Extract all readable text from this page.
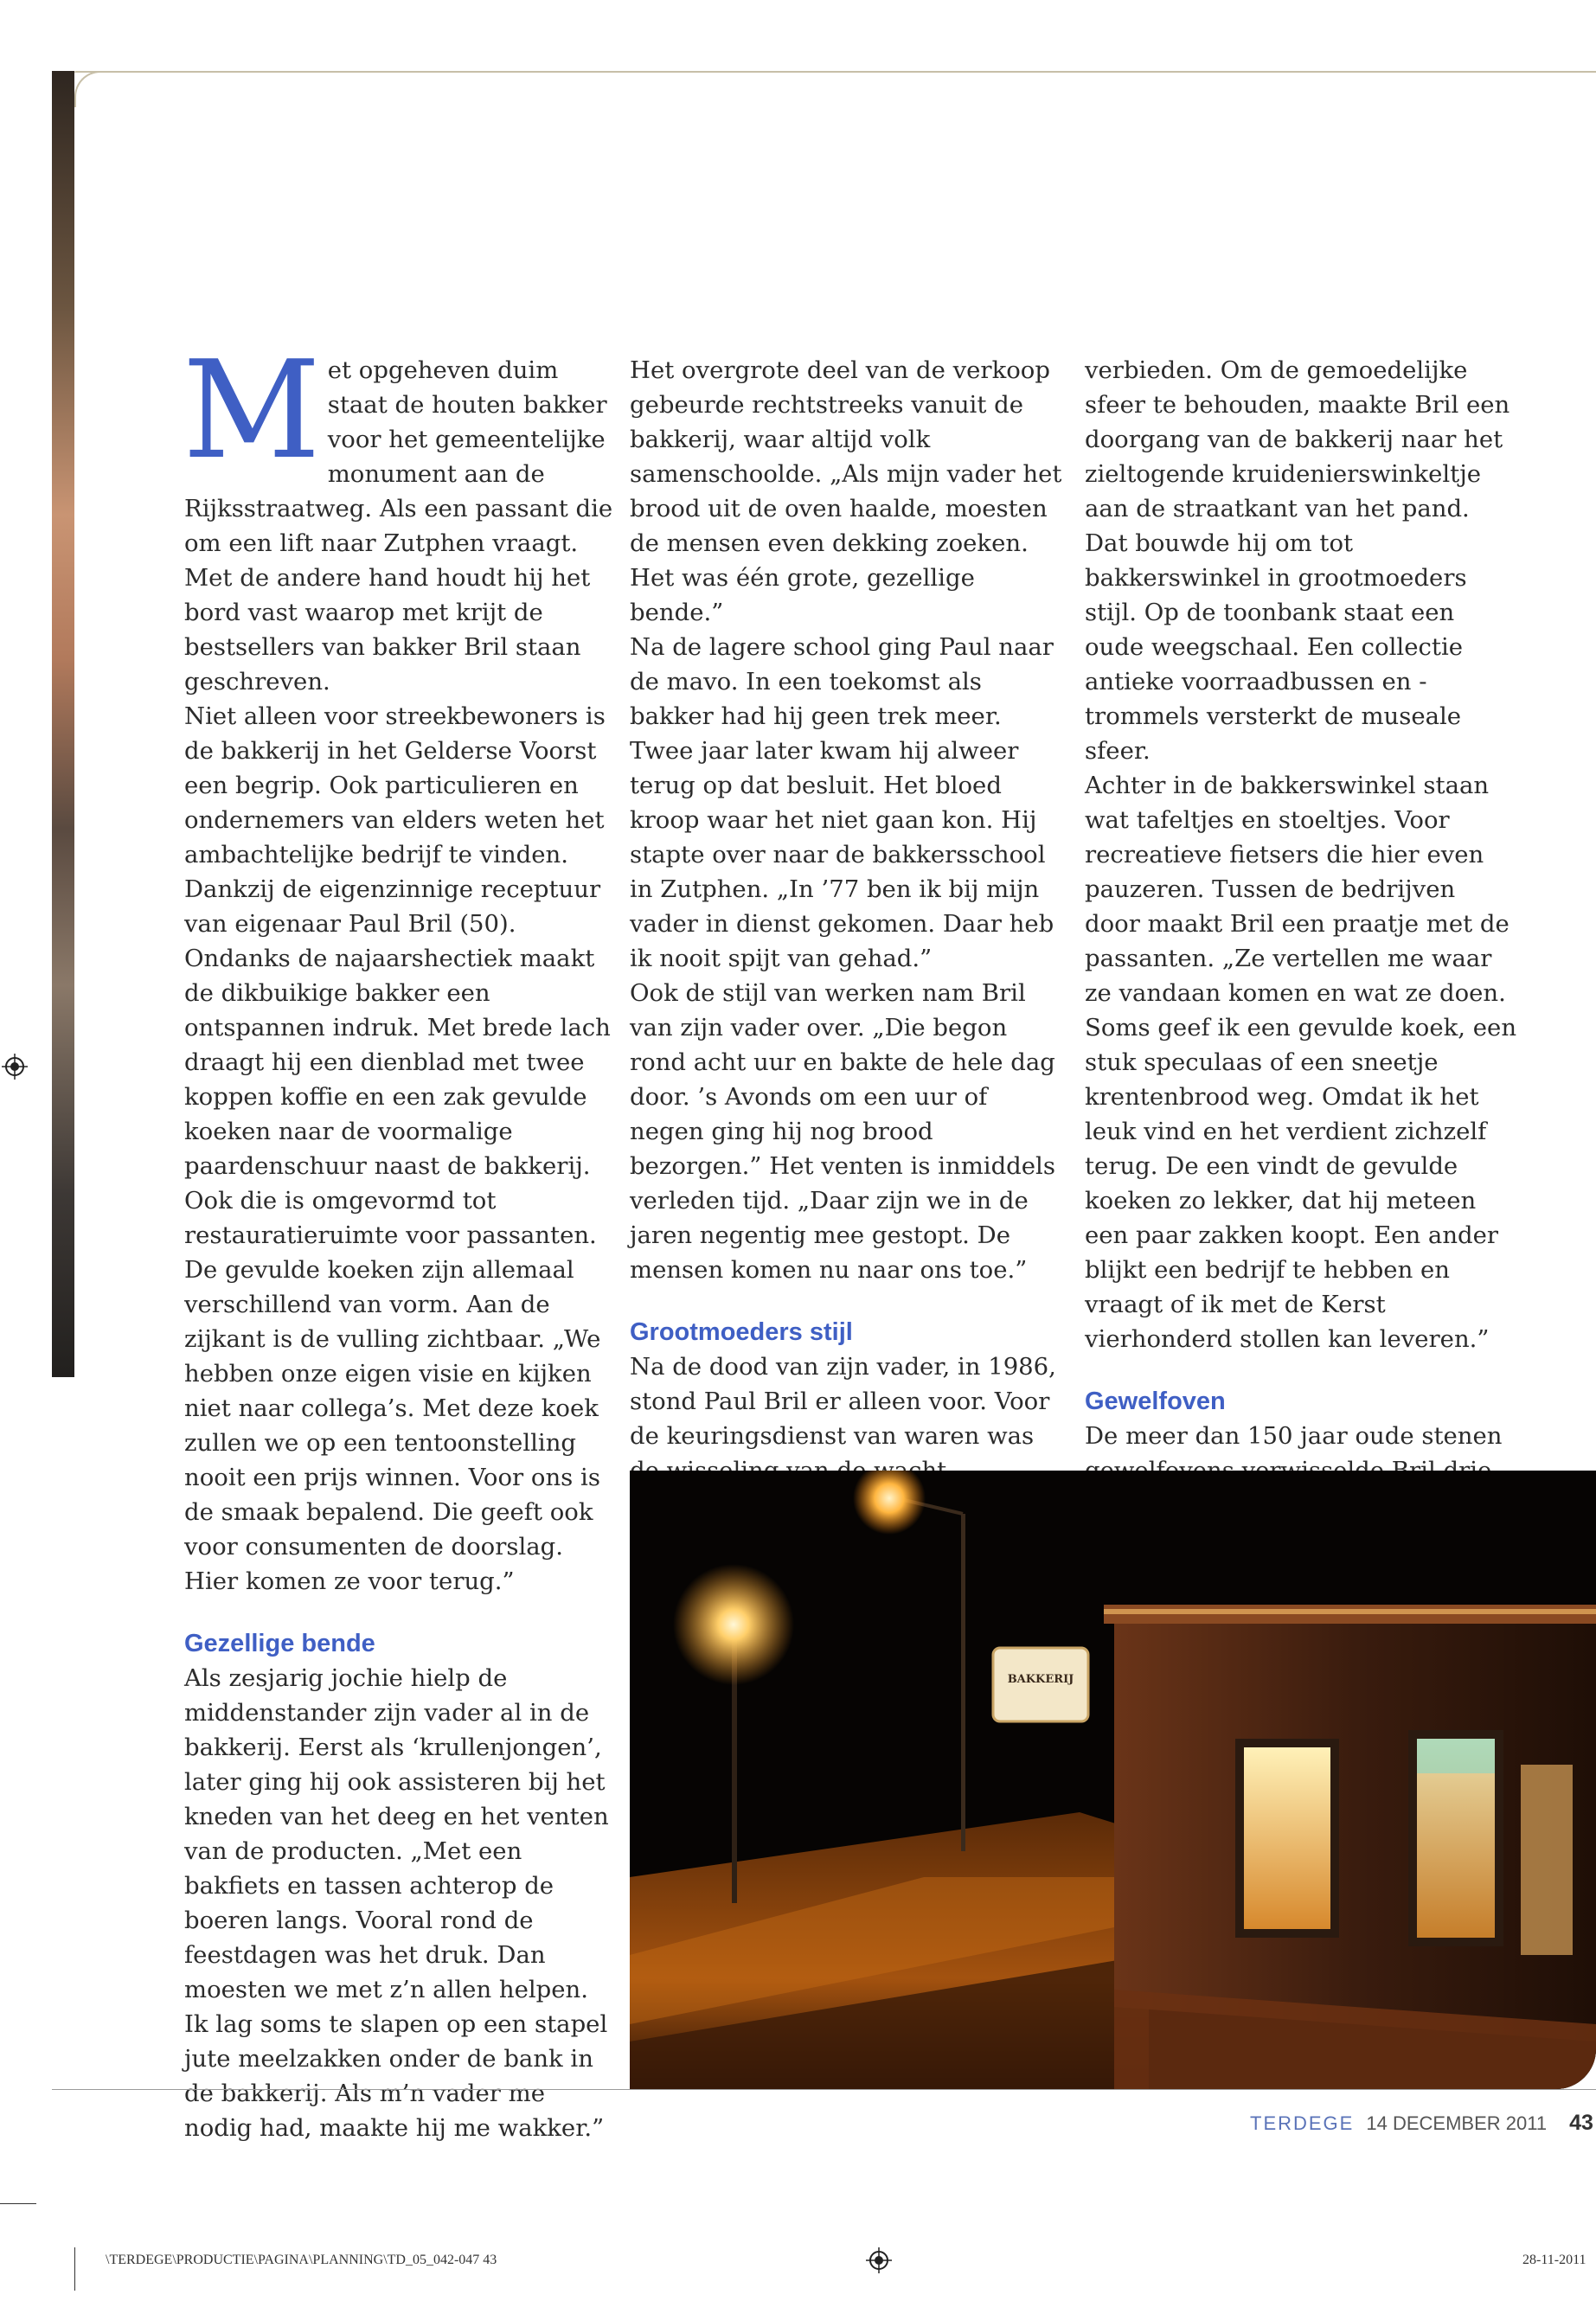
Met opgeheven duim staat de houten bakker voor het gemeentelijke monument aan de Rijksstraatweg. Als een passant die om een lift naar Zutphen vraagt. Met de andere hand houdt hij het bord vast waarop met krijt de bestsellers van bakker Bril staan geschreven.

Niet alleen voor streekbewoners is de bakkerij in het Gelderse Voorst een begrip. Ook particulieren en ondernemers van elders weten het ambachtelijke bedrijf te vinden. Dankzij de eigenzinnige receptuur van eigenaar Paul Bril (50).

Ondanks de najaarshectiek maakt de dikbuikige bakker een ontspannen indruk. Met brede lach draagt hij een dienblad met twee koppen koffie en een zak gevulde koeken naar de voormalige paardenschuur naast de bakkerij. Ook die is omgevormd tot restauratieruimte voor passanten.

De gevulde koeken zijn allemaal verschillend van vorm. Aan de zijkant is de vulling zichtbaar. „We hebben onze eigen visie en kijken niet naar collega’s. Met deze koek zullen we op een tentoonstelling nooit een prijs winnen. Voor ons is de smaak bepalend. Die geeft ook voor consumenten de doorslag. Hier komen ze voor terug.”

Gezellige bende

Als zesjarig jochie hielp de middenstander zijn vader al in de bakkerij. Eerst als ‘krullenjongen’, later ging hij ook assisteren bij het kneden van het deeg en het venten van de producten. „Met een bakfiets en tassen achterop de boeren langs. Vooral rond de feestdagen was het druk. Dan moesten we met z’n allen helpen. Ik lag soms te slapen op een stapel jute meelzakken onder de bank in de bakkerij. Als m’n vader me nodig had, maakte hij me wakker.”

Het overgrote deel van de verkoop gebeurde rechtstreeks vanuit de bakkerij, waar altijd volk samenschoolde. „Als mijn vader het brood uit de oven haalde, moesten de mensen even dekking zoeken. Het was één grote, gezellige bende.”

Na de lagere school ging Paul naar de mavo. In een toekomst als bakker had hij geen trek meer. Twee jaar later kwam hij alweer terug op dat besluit. Het bloed kroop waar het niet gaan kon. Hij stapte over naar de bakkersschool in Zutphen. „In ’77 ben ik bij mijn vader in dienst gekomen. Daar heb ik nooit spijt van gehad.”

Ook de stijl van werken nam Bril van zijn vader over. „Die begon rond acht uur en bakte de hele dag door. ’s Avonds om een uur of negen ging hij nog brood bezorgen.” Het venten is inmiddels verleden tijd. „Daar zijn we in de jaren negentig mee gestopt. De mensen komen nu naar ons toe.”

Grootmoeders stijl

Na de dood van zijn vader, in 1986, stond Paul Bril er alleen voor. Voor de keuringsdienst van waren was

verbieden. Om de gemoedelijke sfeer te behouden, maakte Bril een doorgang van de bakkerij naar het zieltogende kruidenierswinkeltje aan de straatkant van het pand. Dat bouwde hij om tot bakkerswinkel in grootmoeders stijl. Op de toonbank staat een oude weegschaal. Een collectie antieke voorraadbussen en -trommels versterkt de museale sfeer.

Achter in de bakkerswinkel staan wat tafeltjes en stoeltjes. Voor recreatieve fietsers die hier even pauzeren. Tussen de bedrijven door maakt Bril een praatje met de passanten. „Ze vertellen me waar ze vandaan komen en wat ze doen. Soms geef ik een gevulde koek, een stuk speculaas of een sneetje krentenbrood weg. Omdat ik het leuk vind en het verdient zichzelf terug. De een vindt de gevulde koeken zo lekker, dat hij meteen een paar zakken koopt. Een ander blijkt een bedrijf te hebben en vraagt of ik met de Kerst vierhonderd stollen kan leveren.”

Gewelfoven

De meer dan 150 jaar oude stenen

BAKKERIJ
TERDEGE 14 DECEMBER 2011 43
\TERDEGE\PRODUCTIE\PAGINA\PLANNING\TD_05_042-047 43	28-11-2011
